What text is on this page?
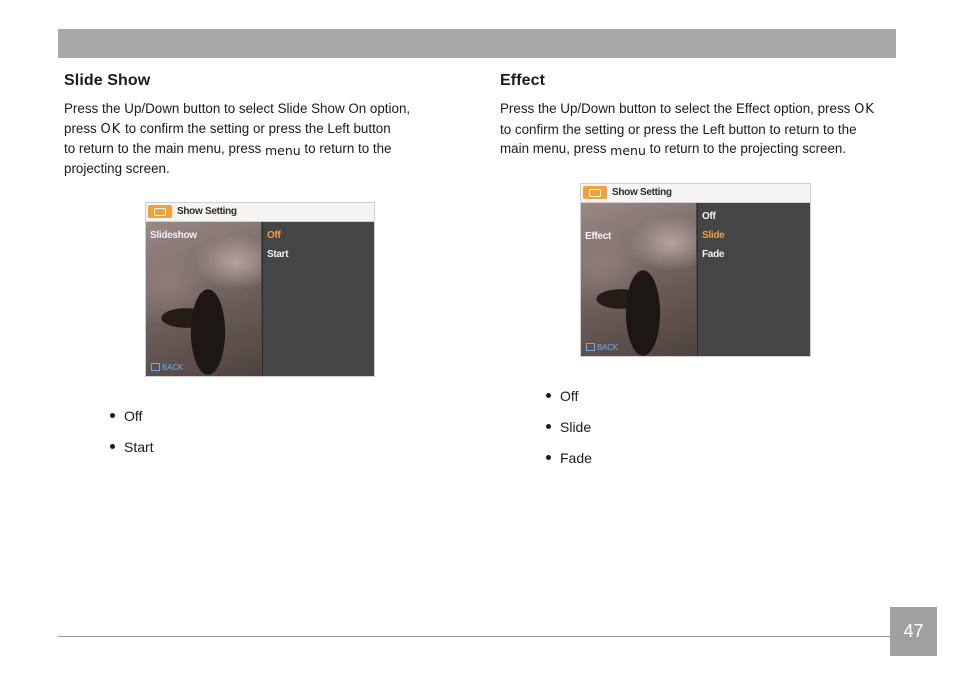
Slide Show

Press the Up/Down button to select Slide Show On option,
press OK to confirm the setting or press the Left button
to return to the main menu, press menu to return to the
projecting screen.

Show Setting
Slideshow
BACK
Off
Start
Off
Start
Effect

Press the Up/Down button to select the Effect option, press OK
to confirm the setting or press the Left button to return to the
main menu, press menu to return to the projecting screen.

Show Setting
Effect
BACK
Off
Slide
Fade
Off
Slide
Fade
47
